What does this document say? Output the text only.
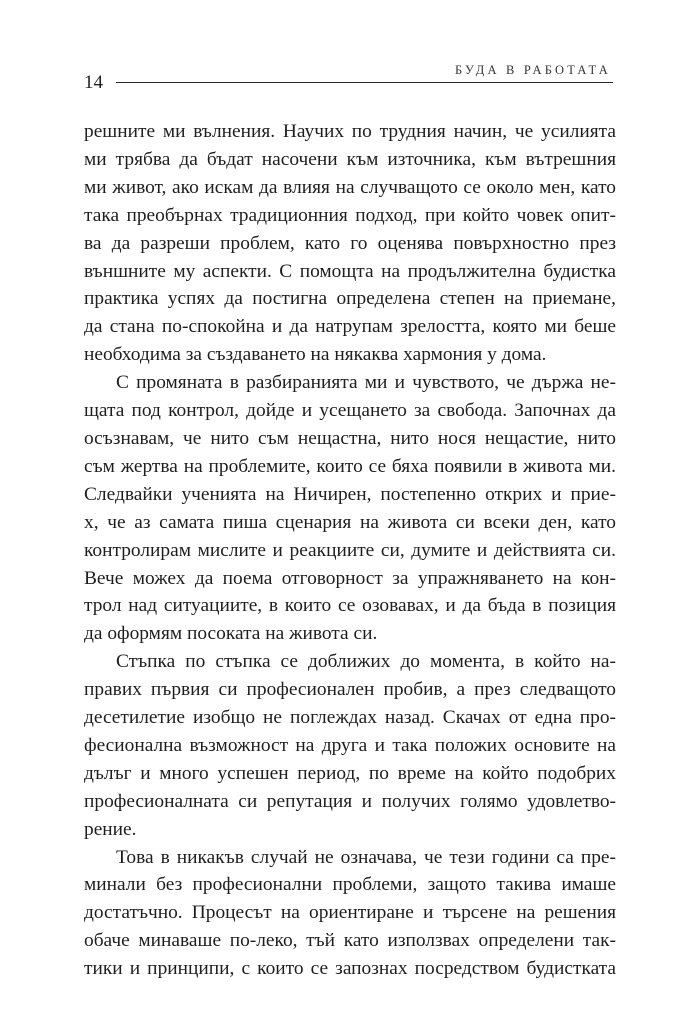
БУДА В РАБОТАТА
14

решните ми вълнения. Научих по трудния начин, че усилията
ми трябва да бъдат насочени към източника, към вътрешния
ми живот, ако искам да влияя на случващото се около мен, като
така преобърнах традиционния подход, при който човек опит-
ва да разреши проблем, като го оценява повърхностно през
външните му аспекти. С помощта на продължителна будистка
практика успях да постигна определена степен на приемане,
да стана по-спокойна и да натрупам зрелостта, която ми беше
необходима за създаването на някаква хармония у дома.

С промяната в разбиранията ми и чувството, че държа не-
щата под контрол, дойде и усещането за свобода. Започнах да
осъзнавам, че нито съм нещастна, нито нося нещастие, нито
съм жертва на проблемите, които се бяха появили в живота ми.
Следвайки ученията на Ничирен, постепенно открих и прие-
х, че аз самата пиша сценария на живота си всеки ден, като
контролирам мислите и реакциите си, думите и действията си.
Вече можех да поема отговорност за упражняването на кон-
трол над ситуациите, в които се озовавах, и да бъда в позиция
да оформям посоката на живота си.

Стъпка по стъпка се доближих до момента, в който на-
правих първия си професионален пробив, а през следващото
десетилетие изобщо не поглеждах назад. Скачах от една про-
фесионална възможност на друга и така положих основите на
дълъг и много успешен период, по време на който подобрих
професионалната си репутация и получих голямо удовлетво-
рение.

Това в никакъв случай не означава, че тези години са пре-
минали без професионални проблеми, защото такива имаше
достатъчно. Процесът на ориентиране и търсене на решения
обаче минаваше по-леко, тъй като използвах определени так-
тики и принципи, с които се запознах посредством будистката
